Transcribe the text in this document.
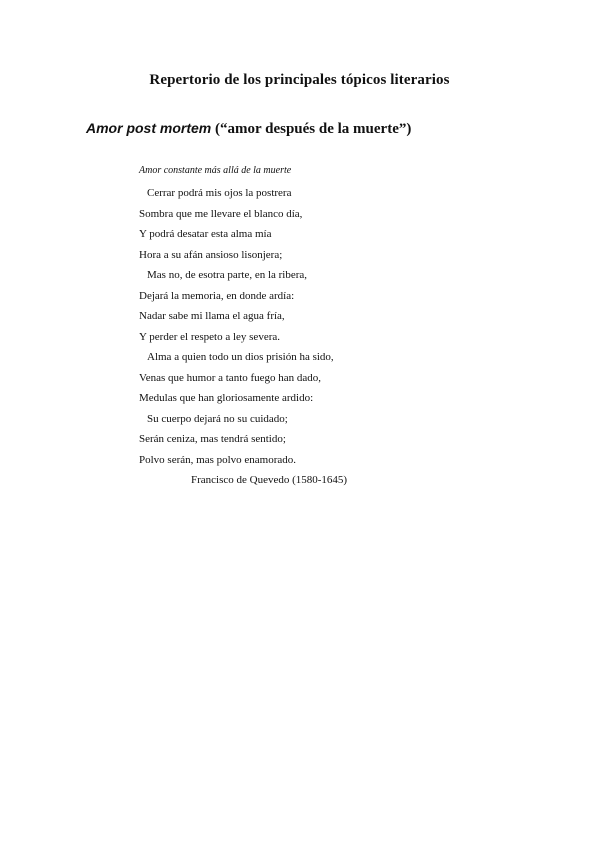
Repertorio de los principales tópicos literarios
Amor post mortem (“amor después de la muerte”)
Amor constante más allá de la muerte
Cerrar podrá mis ojos la postrera
Sombra que me llevare el blanco día,
Y podrá desatar esta alma mía
Hora a su afán ansioso lisonjera;
Mas no, de esotra parte, en la ribera,
Dejará la memoria, en donde ardía:
Nadar sabe mi llama el agua fría,
Y perder el respeto a ley severa.
Alma a quien todo un dios prisión ha sido,
Venas que humor a tanto fuego han dado,
Medulas que han gloriosamente ardido:
Su cuerpo dejará no su cuidado;
Serán ceniza, mas tendrá sentido;
Polvo serán, mas polvo enamorado.
Francisco de Quevedo (1580-1645)
